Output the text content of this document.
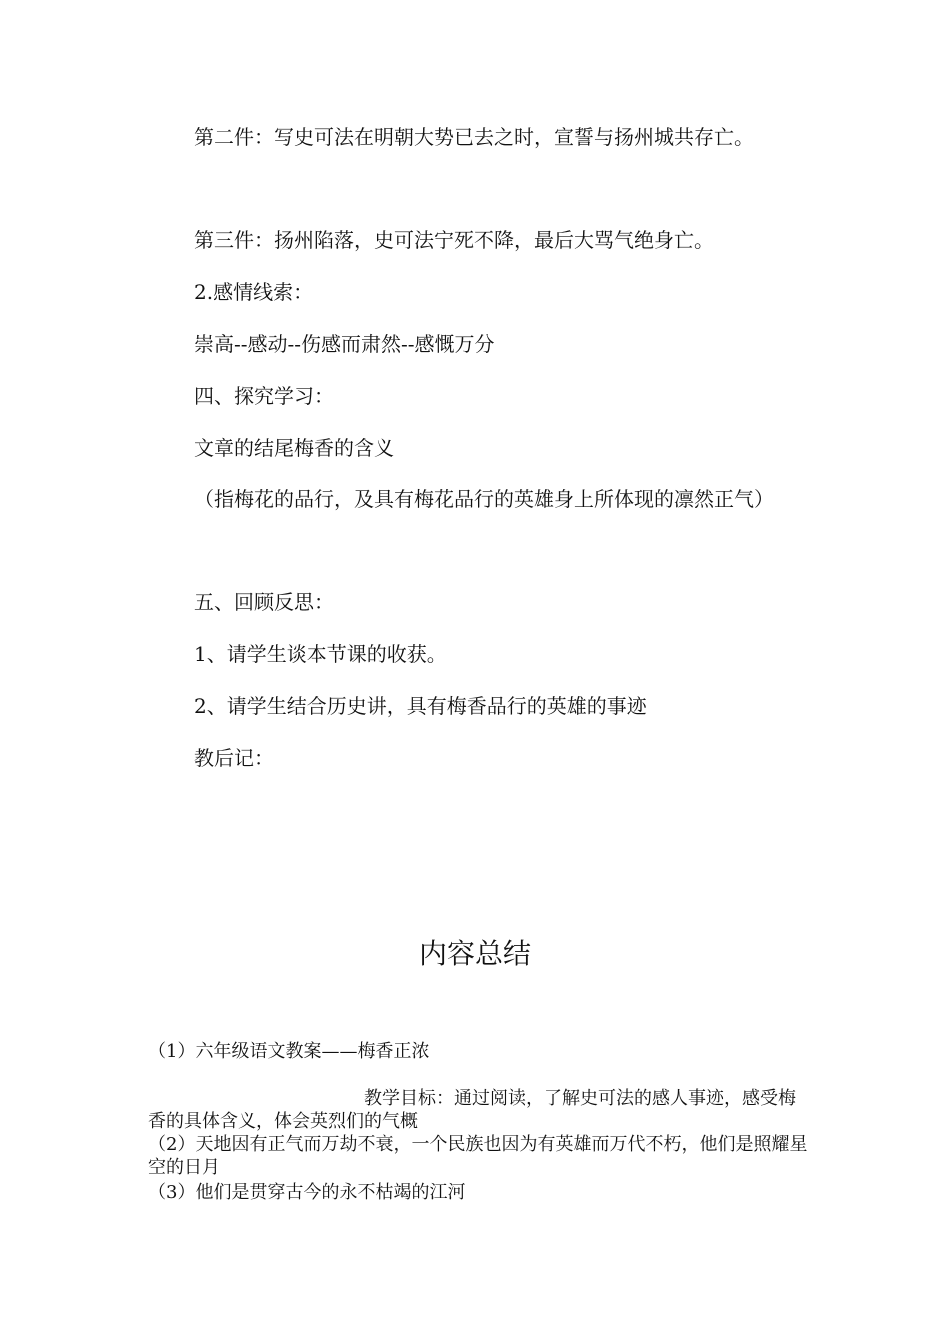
第二件：写史可法在明朝大势已去之时，宣誓与扬州城共存亡。

第三件：扬州陷落，史可法宁死不降，最后大骂气绝身亡。

2.感情线索：

崇高--感动--伤感而肃然--感慨万分

四、探究学习：

文章的结尾梅香的含义

（指梅花的品行，及具有梅花品行的英雄身上所体现的凛然正气）

五、回顾反思：

1、请学生谈本节课的收获。

2、请学生结合历史讲，具有梅香品行的英雄的事迹

教后记：

内容总结

（1）六年级语文教案——梅香正浓

教学目标：通过阅读，了解史可法的感人事迹，感受梅香的具体含义，体会英烈们的气概

（2）天地因有正气而万劫不衰，一个民族也因为有英雄而万代不朽，他们是照耀星空的日月

（3）他们是贯穿古今的永不枯竭的江河
